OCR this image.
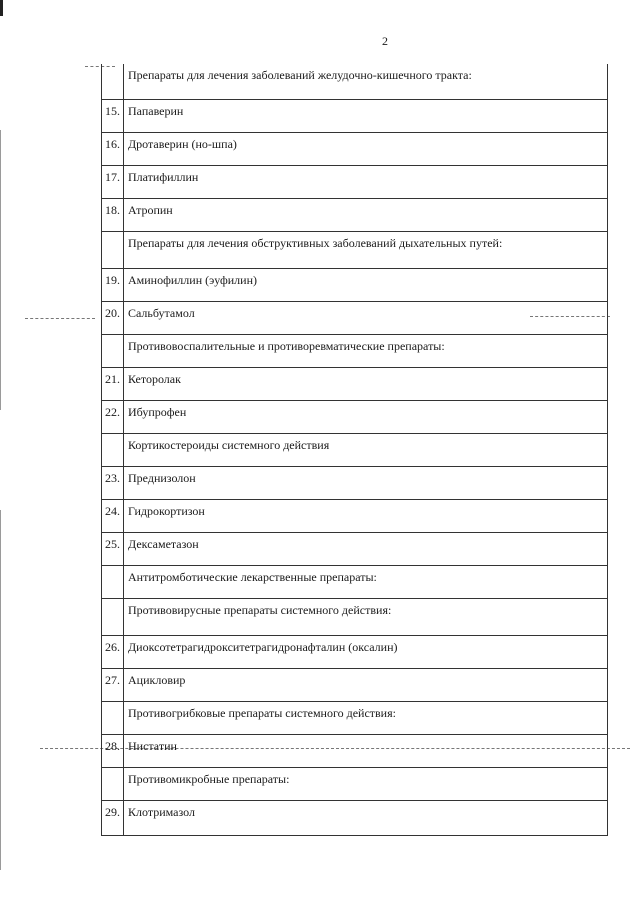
2
	Препараты для лечения заболеваний желудочно-кишечного тракта:
15.	Папаверин
16.	Дротаверин (но-шпа)
17.	Платифиллин
18.	Атропин
	Препараты для лечения обструктивных заболеваний дыхательных путей:
19.	Аминофиллин (эуфилин)
20.	Сальбутамол
	Противовоспалительные и противоревматические препараты:
21.	Кеторолак
22.	Ибупрофен
	Кортикостероиды системного действия
23.	Преднизолон
24.	Гидрокортизон
25.	Дексаметазон
	Антитромботические лекарственные препараты:
	Противовирусные препараты системного действия:
26.	Диоксотетрагидрокситетрагидронафталин (оксалин)
27.	Ацикловир
	Противогрибковые препараты системного действия:
28.	Нистатин
	Противомикробные препараты:
29.	Клотримазол
